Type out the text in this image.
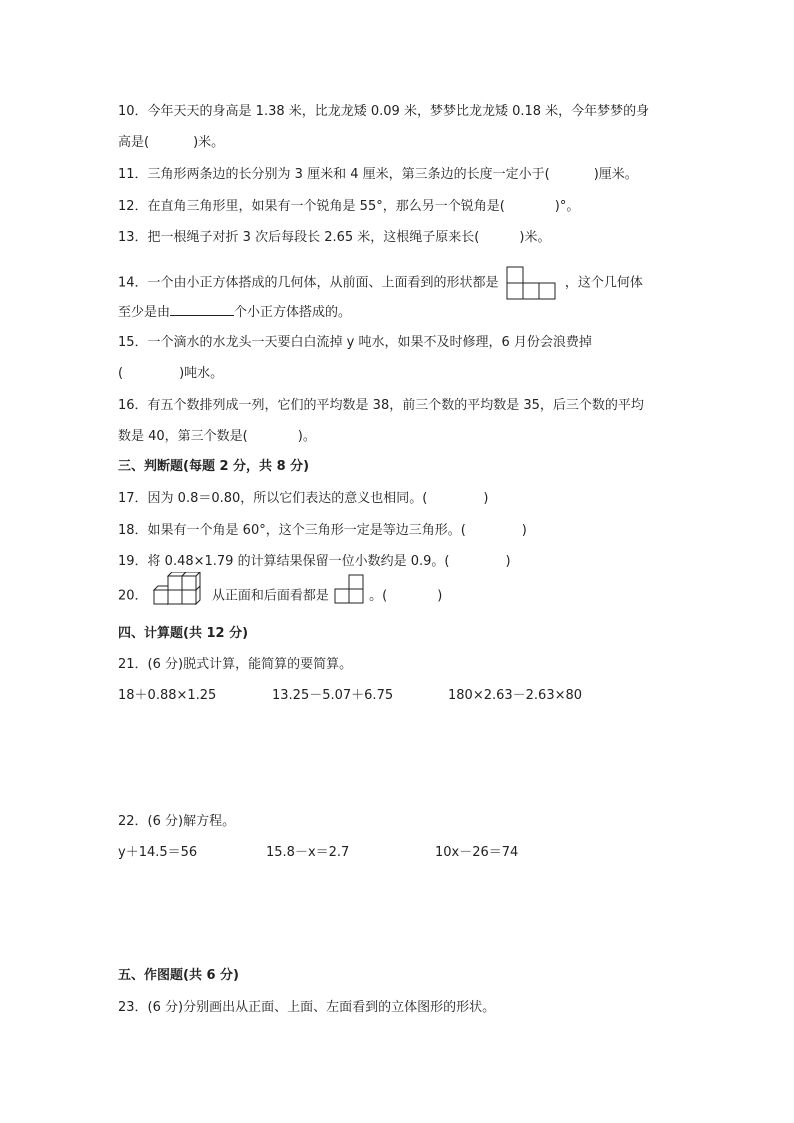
10．今年天天的身高是 1.38 米，比龙龙矮 0.09 米，梦梦比龙龙矮 0.18 米，今年梦梦的身
高是(	)米。
11．三角形两条边的长分别为 3 厘米和 4 厘米，第三条边的长度一定小于(	)厘米。
12．在直角三角形里，如果有一个锐角是 55°，那么另一个锐角是(	)°。
13．把一根绳子对折 3 次后每段长 2.65 米，这根绳子原来长(	)米。
14．一个由小正方体搭成的几何体，从前面、上面看到的形状都是	，这个几何体
至少是由	个小正方体搭成的。
15．一个滴水的水龙头一天要白白流掉 y 吨水，如果不及时修理，6 月份会浪费掉
(	)吨水。
16．有五个数排列成一列，它们的平均数是 38，前三个数的平均数是 35，后三个数的平均
数是 40，第三个数是(	)。
三、判断题(每题 2 分，共 8 分)
17．因为 0.8＝0.80，所以它们表达的意义也相同。(	)
18．如果有一个角是 60°，这个三角形一定是等边三角形。(	)
19．将 0.48×1.79 的计算结果保留一位小数约是 0.9。(	)
20．	从正面和后面看都是	。(	)
四、计算题(共 12 分)
21．(6 分)脱式计算，能简算的要简算。
18＋0.88×1.25	13.25－5.07＋6.75	180×2.63－2.63×80
22．(6 分)解方程。
y＋14.5＝56	15.8－x＝2.7	10x－26＝74
五、作图题(共 6 分)
23．(6 分)分别画出从正面、上面、左面看到的立体图形的形状。
